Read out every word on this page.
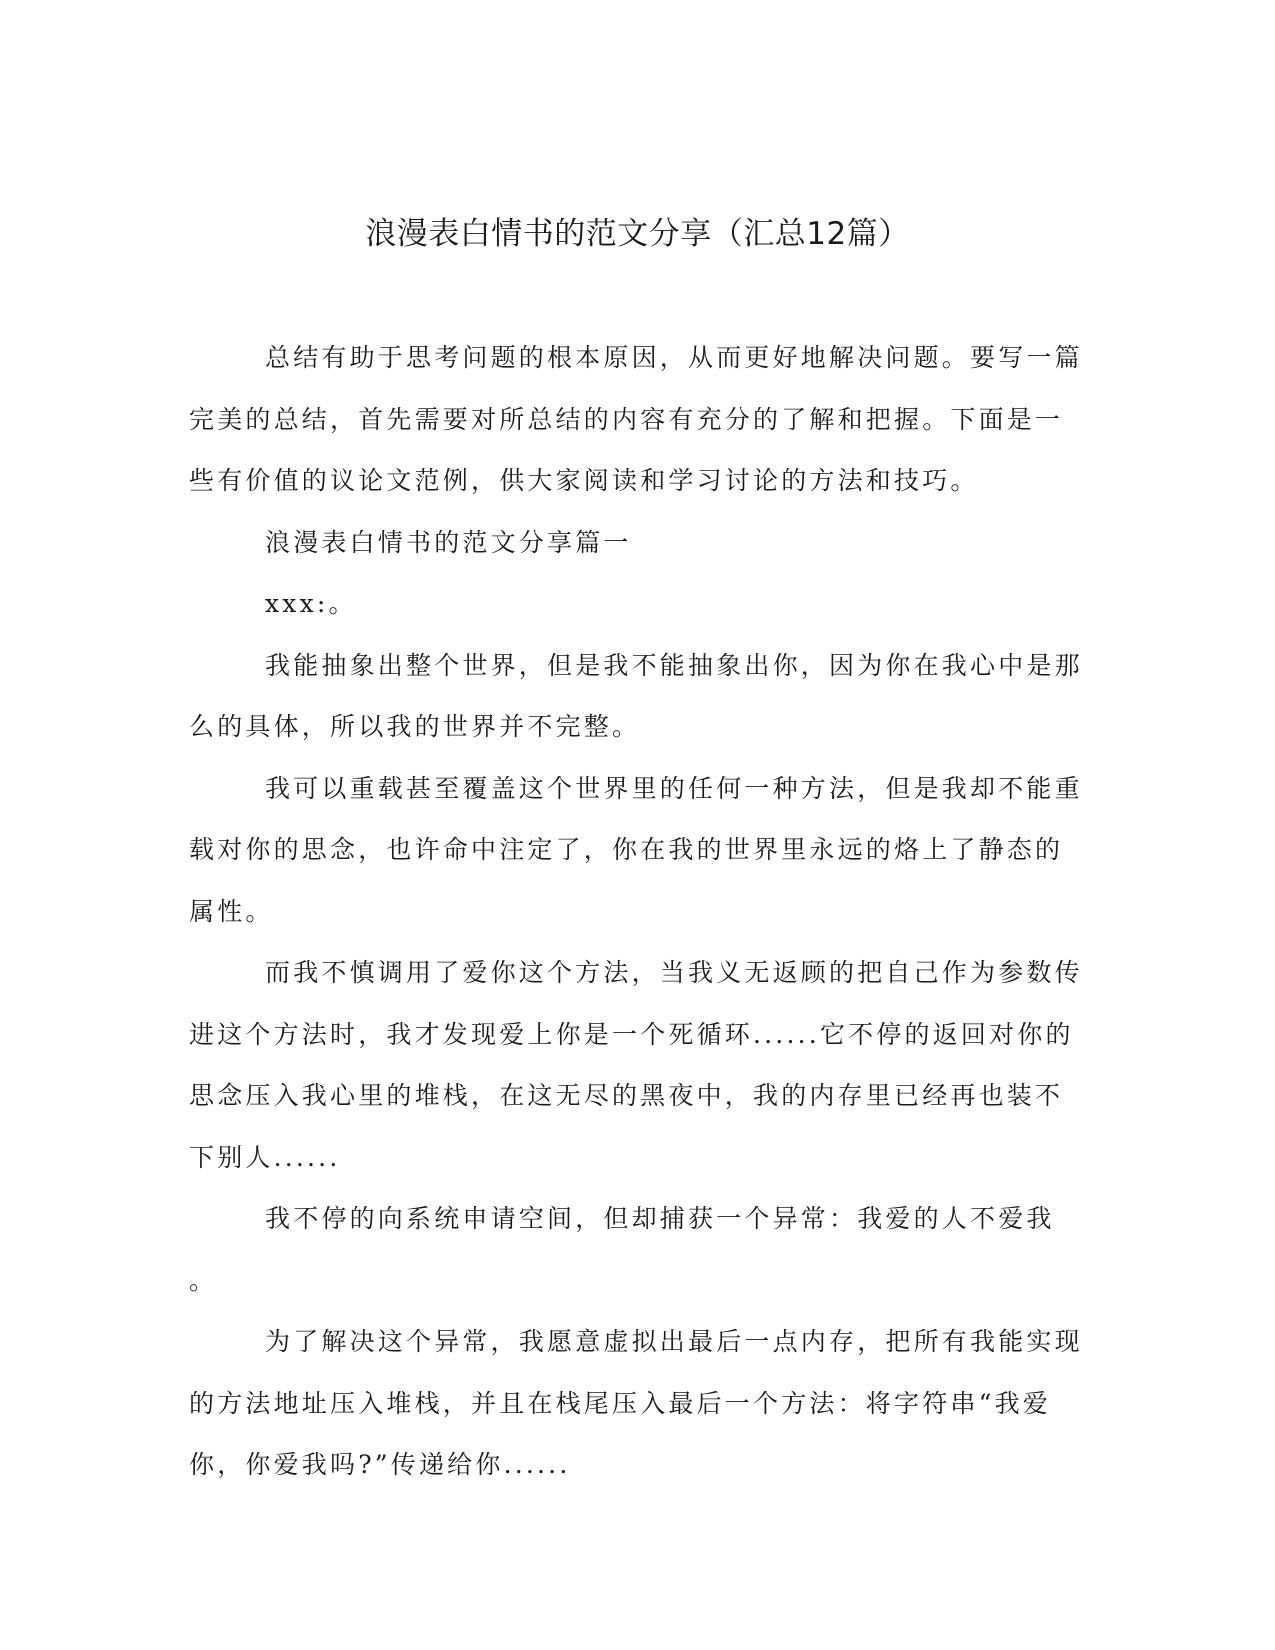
浪漫表白情书的范文分享（汇总12篇）

总结有助于思考问题的根本原因，从而更好地解决问题。要写一篇完美的总结，首先需要对所总结的内容有充分的了解和把握。下面是一些有价值的议论文范例，供大家阅读和学习讨论的方法和技巧。

浪漫表白情书的范文分享篇一

xxx:。

我能抽象出整个世界，但是我不能抽象出你，因为你在我心中是那么的具体，所以我的世界并不完整。

我可以重载甚至覆盖这个世界里的任何一种方法，但是我却不能重载对你的思念，也许命中注定了，你在我的世界里永远的烙上了静态的属性。

而我不慎调用了爱你这个方法，当我义无返顾的把自己作为参数传进这个方法时，我才发现爱上你是一个死循环......它不停的返回对你的思念压入我心里的堆栈，在这无尽的黑夜中，我的内存里已经再也装不下别人......

我不停的向系统申请空间，但却捕获一个异常：我爱的人不爱我

。

为了解决这个异常，我愿意虚拟出最后一点内存，把所有我能实现的方法地址压入堆栈，并且在栈尾压入最后一个方法：将字符串“我爱你，你爱我吗?”传递给你......
